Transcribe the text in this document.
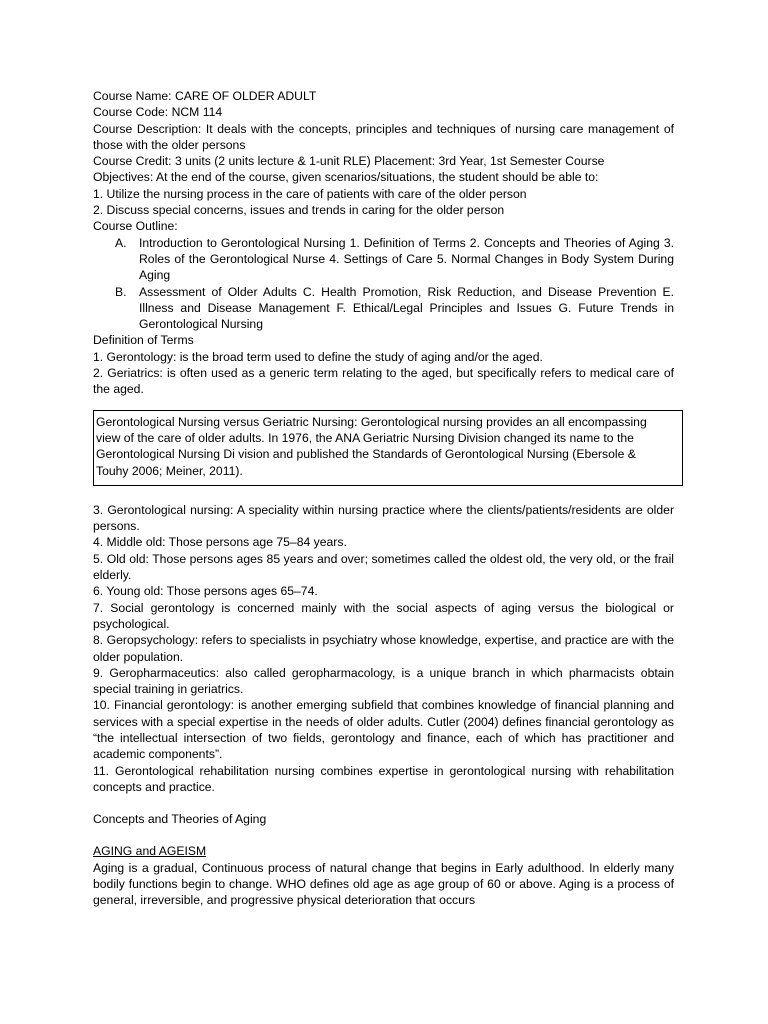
Course Name: CARE OF OLDER ADULT

Course Code: NCM 114

Course Description: It deals with the concepts, principles and techniques of nursing care management of those with the older persons

Course Credit: 3 units (2 units lecture & 1-unit RLE) Placement: 3rd Year, 1st Semester Course

Objectives: At the end of the course, given scenarios/situations, the student should be able to:

1. Utilize the nursing process in the care of patients with care of the older person
2. Discuss special concerns, issues and trends in caring for the older person

Course Outline:

A. Introduction to Gerontological Nursing 1. Definition of Terms 2. Concepts and Theories of Aging 3. Roles of the Gerontological Nurse 4. Settings of Care 5. Normal Changes in Body System During Aging
B. Assessment of Older Adults C. Health Promotion, Risk Reduction, and Disease Prevention E. Illness and Disease Management F. Ethical/Legal Principles and Issues G. Future Trends in Gerontological Nursing

Definition of Terms

1. Gerontology: is the broad term used to define the study of aging and/or the aged.

2. Geriatrics: is often used as a generic term relating to the aged, but specifically refers to medical care of the aged.

Gerontological Nursing versus Geriatric Nursing: Gerontological nursing provides an all encompassing view of the care of older adults. In 1976, the ANA Geriatric Nursing Division changed its name to the Gerontological Nursing Di vision and published the Standards of Gerontological Nursing (Ebersole & Touhy 2006; Meiner, 2011).

3. Gerontological nursing: A speciality within nursing practice where the clients/patients/residents are older persons.

4. Middle old: Those persons age 75–84 years.

5. Old old: Those persons ages 85 years and over; sometimes called the oldest old, the very old, or the frail elderly.

6. Young old: Those persons ages 65–74.

7. Social gerontology is concerned mainly with the social aspects of aging versus the biological or psychological.

8. Geropsychology: refers to specialists in psychiatry whose knowledge, expertise, and practice are with the older population.

9. Geropharmaceutics: also called geropharmacology, is a unique branch in which pharmacists obtain special training in geriatrics.

10. Financial gerontology: is another emerging subfield that combines knowledge of financial planning and services with a special expertise in the needs of older adults. Cutler (2004) defines financial gerontology as “the intellectual intersection of two fields, gerontology and finance, each of which has practitioner and academic components”.

11. Gerontological rehabilitation nursing combines expertise in gerontological nursing with rehabilitation concepts and practice.

Concepts and Theories of Aging

AGING and AGEISM

Aging is a gradual, Continuous process of natural change that begins in Early adulthood. In elderly many bodily functions begin to change. WHO defines old age as age group of 60 or above. Aging is a process of general, irreversible, and progressive physical deterioration that occurs
